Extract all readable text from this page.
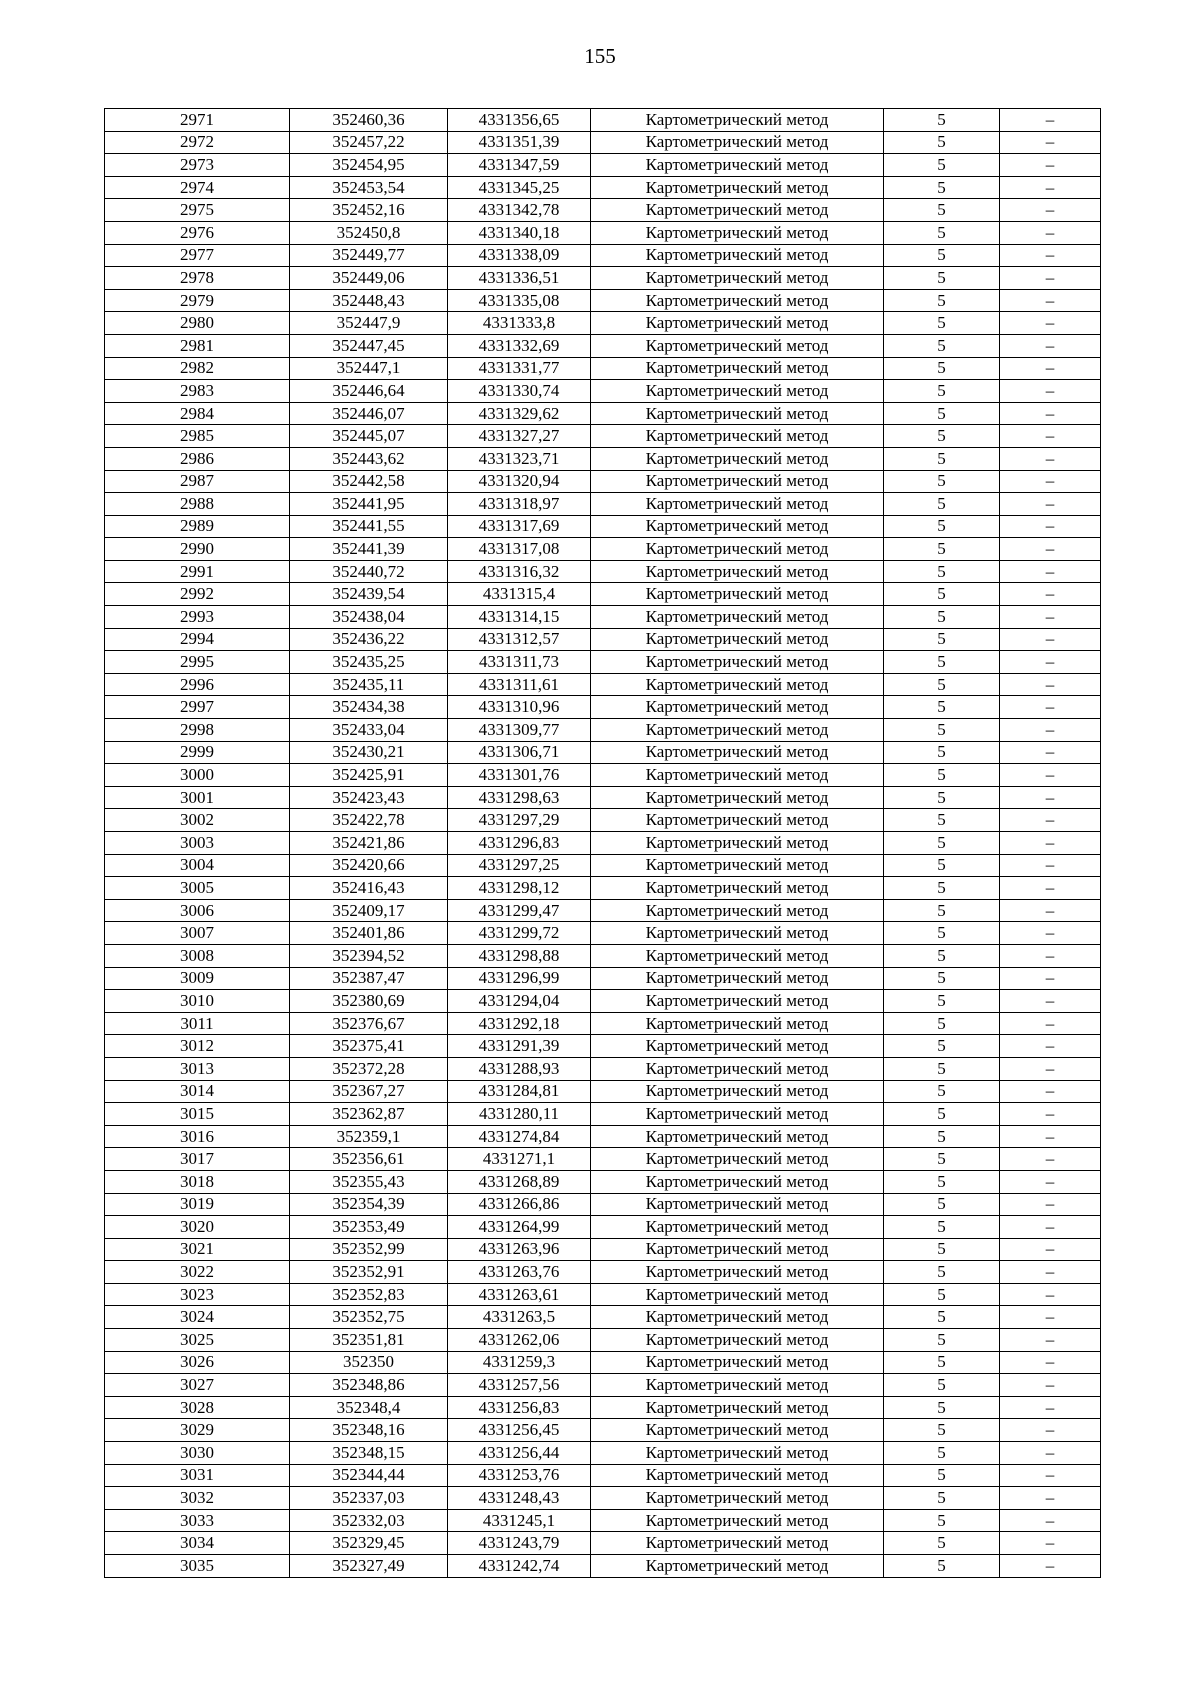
155
2971	352460,36	4331356,65	Картометрический метод	5	–
2972	352457,22	4331351,39	Картометрический метод	5	–
2973	352454,95	4331347,59	Картометрический метод	5	–
2974	352453,54	4331345,25	Картометрический метод	5	–
2975	352452,16	4331342,78	Картометрический метод	5	–
2976	352450,8	4331340,18	Картометрический метод	5	–
2977	352449,77	4331338,09	Картометрический метод	5	–
2978	352449,06	4331336,51	Картометрический метод	5	–
2979	352448,43	4331335,08	Картометрический метод	5	–
2980	352447,9	4331333,8	Картометрический метод	5	–
2981	352447,45	4331332,69	Картометрический метод	5	–
2982	352447,1	4331331,77	Картометрический метод	5	–
2983	352446,64	4331330,74	Картометрический метод	5	–
2984	352446,07	4331329,62	Картометрический метод	5	–
2985	352445,07	4331327,27	Картометрический метод	5	–
2986	352443,62	4331323,71	Картометрический метод	5	–
2987	352442,58	4331320,94	Картометрический метод	5	–
2988	352441,95	4331318,97	Картометрический метод	5	–
2989	352441,55	4331317,69	Картометрический метод	5	–
2990	352441,39	4331317,08	Картометрический метод	5	–
2991	352440,72	4331316,32	Картометрический метод	5	–
2992	352439,54	4331315,4	Картометрический метод	5	–
2993	352438,04	4331314,15	Картометрический метод	5	–
2994	352436,22	4331312,57	Картометрический метод	5	–
2995	352435,25	4331311,73	Картометрический метод	5	–
2996	352435,11	4331311,61	Картометрический метод	5	–
2997	352434,38	4331310,96	Картометрический метод	5	–
2998	352433,04	4331309,77	Картометрический метод	5	–
2999	352430,21	4331306,71	Картометрический метод	5	–
3000	352425,91	4331301,76	Картометрический метод	5	–
3001	352423,43	4331298,63	Картометрический метод	5	–
3002	352422,78	4331297,29	Картометрический метод	5	–
3003	352421,86	4331296,83	Картометрический метод	5	–
3004	352420,66	4331297,25	Картометрический метод	5	–
3005	352416,43	4331298,12	Картометрический метод	5	–
3006	352409,17	4331299,47	Картометрический метод	5	–
3007	352401,86	4331299,72	Картометрический метод	5	–
3008	352394,52	4331298,88	Картометрический метод	5	–
3009	352387,47	4331296,99	Картометрический метод	5	–
3010	352380,69	4331294,04	Картометрический метод	5	–
3011	352376,67	4331292,18	Картометрический метод	5	–
3012	352375,41	4331291,39	Картометрический метод	5	–
3013	352372,28	4331288,93	Картометрический метод	5	–
3014	352367,27	4331284,81	Картометрический метод	5	–
3015	352362,87	4331280,11	Картометрический метод	5	–
3016	352359,1	4331274,84	Картометрический метод	5	–
3017	352356,61	4331271,1	Картометрический метод	5	–
3018	352355,43	4331268,89	Картометрический метод	5	–
3019	352354,39	4331266,86	Картометрический метод	5	–
3020	352353,49	4331264,99	Картометрический метод	5	–
3021	352352,99	4331263,96	Картометрический метод	5	–
3022	352352,91	4331263,76	Картометрический метод	5	–
3023	352352,83	4331263,61	Картометрический метод	5	–
3024	352352,75	4331263,5	Картометрический метод	5	–
3025	352351,81	4331262,06	Картометрический метод	5	–
3026	352350	4331259,3	Картометрический метод	5	–
3027	352348,86	4331257,56	Картометрический метод	5	–
3028	352348,4	4331256,83	Картометрический метод	5	–
3029	352348,16	4331256,45	Картометрический метод	5	–
3030	352348,15	4331256,44	Картометрический метод	5	–
3031	352344,44	4331253,76	Картометрический метод	5	–
3032	352337,03	4331248,43	Картометрический метод	5	–
3033	352332,03	4331245,1	Картометрический метод	5	–
3034	352329,45	4331243,79	Картометрический метод	5	–
3035	352327,49	4331242,74	Картометрический метод	5	–
